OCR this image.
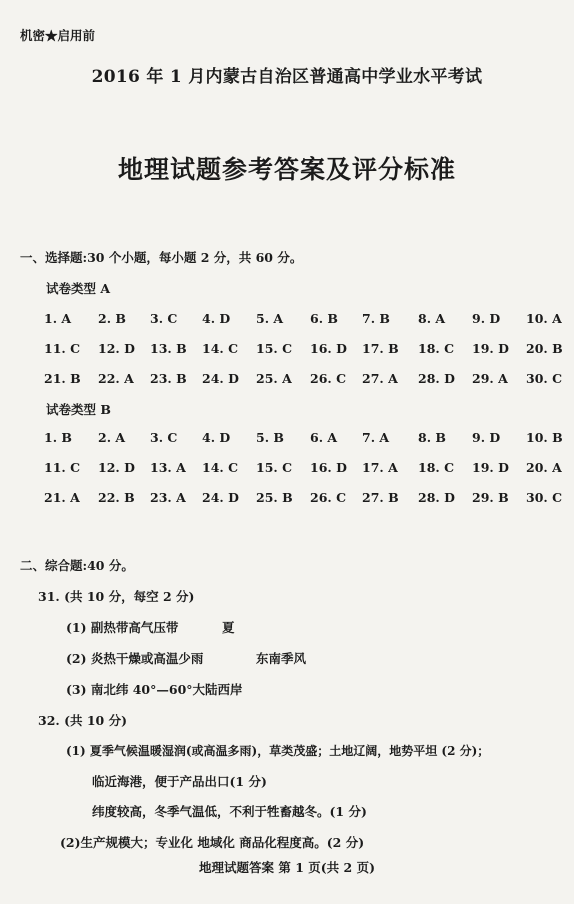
机密★启用前
2016 年 1 月内蒙古自治区普通高中学业水平考试
地理试题参考答案及评分标准
一、选择题:30 个小题，每小题 2 分，共 60 分。
试卷类型 A
1. A	2. B	3. C	4. D	5. A	6. B	7. B	8. A	9. D	10. A
11. C	12. D	13. B	14. C	15. C	16. D	17. B	18. C	19. D	20. B
21. B	22. A	23. B	24. D	25. A	26. C	27. A	28. D	29. A	30. C
试卷类型 B
1. B	2. A	3. C	4. D	5. B	6. A	7. A	8. B	9. D	10. B
11. C	12. D	13. A	14. C	15. C	16. D	17. A	18. C	19. D	20. A
21. A	22. B	23. A	24. D	25. B	26. C	27. B	28. D	29. B	30. C
二、综合题:40 分。
31. (共 10 分，每空 2 分)
(1) 副热带高气压带	夏
(2) 炎热干燥或高温少雨	东南季风
(3) 南北纬 40°—60°大陆西岸
32. (共 10 分)
(1) 夏季气候温暖湿润(或高温多雨)，草类茂盛；土地辽阔，地势平坦 (2 分)；
临近海港，便于产品出口(1 分)
纬度较高，冬季气温低，不利于牲畜越冬。(1 分)
(2)生产规模大；专业化 地域化 商品化程度高。(2 分)
地理试题答案 第 1 页(共 2 页)
